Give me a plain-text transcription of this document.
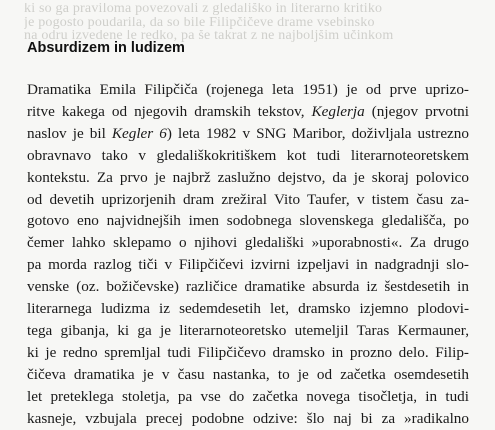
ki so ga praviloma povezovali z gledališko in literarno kritiko
je pogosto poudarila, da so bile Filipčičeve drame vsebinsko
na odru izvedene le redko, pa še takrat z ne najboljšim učinkom
Absurdizem in ludizem

Dramatika Emila Filipčiča (rojenega leta 1951) je od prve uprizo-
ritve kakega od njegovih dramskih tekstov, Keglerja (njegov prvotni
naslov je bil Kegler 6) leta 1982 v SNG Maribor, doživljala ustrezno
obravnavo tako v gledališkokritiškem kot tudi literarnoteoretskem
kontekstu. Za prvo je najbrž zaslužno dejstvo, da je skoraj polovico
od devetih uprizorjenih dram zrežiral Vito Taufer, v tistem času za-
gotovo eno najvidnejših imen sodobnega slovenskega gledališča, po
čemer lahko sklepamo o njihovi gledališki »uporabnosti«. Za drugo
pa morda razlog tiči v Filipčičevi izvirni izpeljavi in nadgradnji slo-
venske (oz. božičevske) različice dramatike absurda iz šestdesetih in
literarnega ludizma iz sedemdesetih let, dramsko izjemno plodovi-
tega gibanja, ki ga je literarnoteoretsko utemeljil Taras Kermauner,
ki je redno spremljal tudi Filipčičevo dramsko in prozno delo. Filip-
čičeva dramatika je v času nastanka, to je od začetka osemdesetih
let preteklega stoletja, pa vse do začetka novega tisočletja, in tudi
kasneje, vzbujala precej podobne odzive: šlo naj bi za »radikalno
